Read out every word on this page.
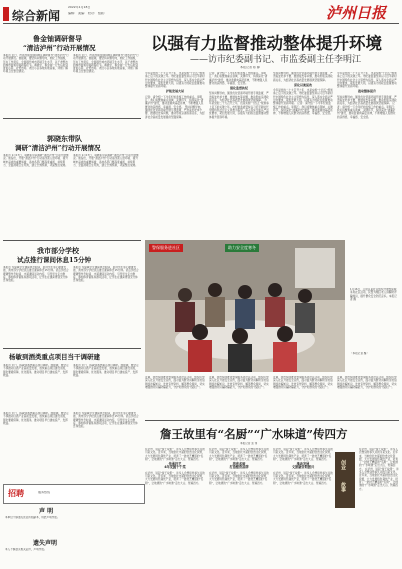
综合新闻
2022年1月18日
编辑： 美编： 校对： 组版：	泸州日报
鲁金铀调研督导
“清洁泸州”行动开展情况
本报讯 近日，市领导鲁金铀到城区调研督导“清洁泸州”行动开展情况。他强调，要坚持问题导向，细化工作措施，压实工作责任，全面提升城市环境卫生水平，以干净整洁的城市面貌迎接新春佳节。调研中，鲁金铀一行先后来到背街小巷、农贸市场、老旧小区等地实地查看，详细了解环境卫生整治情况。
本报讯 近日，市领导鲁金铀到城区调研督导“清洁泸州”行动开展情况。他强调，要坚持问题导向，细化工作措施，压实工作责任，全面提升城市环境卫生水平，以干净整洁的城市面貌迎接新春佳节。调研中，鲁金铀一行先后来到背街小巷、农贸市场、老旧小区等地实地查看，详细了解环境卫生整治情况。
郭晓东带队
调研“清洁泸州”行动开展情况
本报讯 1月17日，郭晓东带队调研“清洁泸州”行动开展情况。他指出，开展“清洁泸州”行动是改善人居环境、提升城市品质的重要举措，各地各部门要高度重视，持续用力，全面清理卫生死角，建立长效机制，巩固整治成效。
本报讯 1月17日，郭晓东带队调研“清洁泸州”行动开展情况。他指出，开展“清洁泸州”行动是改善人居环境、提升城市品质的重要举措，各地各部门要高度重视，持续用力，全面清理卫生死角，建立长效机制，巩固整治成效。
我市部分学校
试点推行课间休息15分钟
本报讯 为保障学生课间休息时间，促进学生身心健康发展，我市部分学校试点推行课间休息15分钟。试点学校合理调整作息时间，丰富课间活动内容，引导学生走出教室，参加体育锻炼和游戏活动，让学生在课间得到充分休息和放松。
本报讯 为保障学生课间休息时间，促进学生身心健康发展，我市部分学校试点推行课间休息15分钟。试点学校合理调整作息时间，丰富课间活动内容，引导学生走出教室，参加体育锻炼和游戏活动，让学生在课间得到充分休息和放松。
杨敏到酒类重点项目当干调研建
本报讯 近日，杨敏到酒类重点项目调研。他强调，要坚定不移推动白酒产业高质量发展，加快重点项目建设进度，强化要素保障，优化服务，推动项目早日建成投产、发挥效益。
本报讯 近日，杨敏到酒类重点项目调研。他强调，要坚定不移推动白酒产业高质量发展，加快重点项目建设进度，强化要素保障，优化服务，推动项目早日建成投产、发挥效益。
以强有力监督推动整体提升环境
——访市纪委副书记、市监委副主任李明江
本报记者 陈 静
今年是党的二十大召开之年，也是实施“十四五”规划承上启下的关键之年。市纪委监委坚持以习近平新时代中国特色社会主义思想为指导，深入落实全面从严治党要求，紧扣发展大局，以强有力的政治监督推动整体提升营商环境。

护航发展大局
记者：请介绍一下今年纪检监察工作的重点。李明江：我们将聚焦重点领域、关键环节，持续深化“清廉泸州”建设，推动监督向基层延伸，不断增强人民群众的获得感、幸福感、安全感。 坚持问题导向，围绕优化营商环境开展专项监督，严肃查处吃拿卡要、推诿扯皮等问题，推动形成亲清政商关系，为经济社会高质量发展提供坚强保障。
记者：请介绍一下今年纪检监察工作的重点。李明江：我们将聚焦重点领域、关键环节，持续深化“清廉泸州”建设，推动监督向基层延伸，不断增强人民群众的获得感、幸福感、安全感。

强化监督执纪
坚持问题导向，围绕优化营商环境开展专项监督，严肃查处吃拿卡要、推诿扯皮等问题，推动形成亲清政商关系，为经济社会高质量发展提供坚强保障。 今年是党的二十大召开之年，也是实施“十四五”规划承上启下的关键之年。市纪委监委坚持以习近平新时代中国特色社会主义思想为指导，深入落实全面从严治党要求，紧扣发展大局，以强有力的政治监督推动整体提升营商环境。
坚持问题导向，围绕优化营商环境开展专项监督，严肃查处吃拿卡要、推诿扯皮等问题，推动形成亲清政商关系，为经济社会高质量发展提供坚强保障。

深化以案促改
今年是党的二十大召开之年，也是实施“十四五”规划承上启下的关键之年。市纪委监委坚持以习近平新时代中国特色社会主义思想为指导，深入落实全面从严治党要求，紧扣发展大局，以强有力的政治监督推动整体提升营商环境。 记者：请介绍一下今年纪检监察工作的重点。李明江：我们将聚焦重点领域、关键环节，持续深化“清廉泸州”建设，推动监督向基层延伸，不断增强人民群众的获得感、幸福感、安全感。
今年是党的二十大召开之年，也是实施“十四五”规划承上启下的关键之年。市纪委监委坚持以习近平新时代中国特色社会主义思想为指导，深入落实全面从严治党要求，紧扣发展大局，以强有力的政治监督推动整体提升营商环境。

推动整体提升
坚持问题导向，围绕优化营商环境开展专项监督，严肃查处吃拿卡要、推诿扯皮等问题，推动形成亲清政商关系，为经济社会高质量发展提供坚强保障。 记者：请介绍一下今年纪检监察工作的重点。李明江：我们将聚焦重点领域、关键环节，持续深化“清廉泸州”建设，推动监督向基层延伸，不断增强人民群众的获得感、幸福感、安全感。
警保服务进社区	助力安全度寒冬
1月16日，江阳区某社区组织开展警保服务进社区活动，民警为辖区老人讲解防诈骗知识，提升群众安全防范意识。本报记者 摄
（本报记者 摄）
近期，我市持续推进警保服务进社区活动，组织民警深入社区开展安全宣传，面对面为群众讲解防范电信网络诈骗知识，发放宣传资料，解答群众疑问，切实增强群众识骗防骗能力，守护好群众的“钱袋子”。
近期，我市持续推进警保服务进社区活动，组织民警深入社区开展安全宣传，面对面为群众讲解防范电信网络诈骗知识，发放宣传资料，解答群众疑问，切实增强群众识骗防骗能力，守护好群众的“钱袋子”。
近期，我市持续推进警保服务进社区活动，组织民警深入社区开展安全宣传，面对面为群众讲解防范电信网络诈骗知识，发放宣传资料，解答群众疑问，切实增强群众识骗防骗能力，守护好群众的“钱袋子”。
近期，我市持续推进警保服务进社区活动，组织民警深入社区开展安全宣传，面对面为群众讲解防范电信网络诈骗知识，发放宣传资料，解答群众疑问，切实增强群众识骗防骗能力，守护好群众的“钱袋子”。
本报讯 近日，杨敏到酒类重点项目调研。他强调，要坚定不移推动白酒产业高质量发展，加快重点项目建设进度，强化要素保障，优化服务，推动项目早日建成投产、发挥效益。
本报讯 为保障学生课间休息时间，促进学生身心健康发展，我市部分学校试点推行课间休息15分钟。试点学校合理调整作息时间，丰富课间活动内容，引导学生走出教室，参加体育锻炼和游戏活动，让学生在课间得到充分休息和放松。
招聘	服务热线
声 明
本单位不慎遗失营业执照副本，特此声明作废。
遗失声明
本人不慎遗失相关证件，声明作废。
詹王故里有“名厨”“广水味道”传四方
本报记者 张 伟
在泸州，说起“詹王故里”，许多人会想到传承久远的川菜文化。近年来，当地依托丰富的饮食文化资源，大力发展特色餐饮产业，培育了一批技艺精湛的“名厨”，让地道的“广水味道”走出大山、传遍四方。
传承技艺
4年发掘十个菜
在泸州，说起“詹王故里”，许多人会想到传承久远的川菜文化。近年来，当地依托丰富的饮食文化资源，大力发展特色餐饮产业，培育了一批技艺精湛的“名厨”，让地道的“广水味道”走出大山、传遍四方。
在泸州，说起“詹王故里”，许多人会想到传承久远的川菜文化。近年来，当地依托丰富的饮食文化资源，大力发展特色餐饮产业，培育了一批技艺精湛的“名厨”，让地道的“广水味道”走出大山、传遍四方。
培育名厨
打造餐饮品牌
在泸州，说起“詹王故里”，许多人会想到传承久远的川菜文化。近年来，当地依托丰富的饮食文化资源，大力发展特色餐饮产业，培育了一批技艺精湛的“名厨”，让地道的“广水味道”走出大山、传遍四方。
在泸州，说起“詹王故里”，许多人会想到传承久远的川菜文化。近年来，当地依托丰富的饮食文化资源，大力发展特色餐饮产业，培育了一批技艺精湛的“名厨”，让地道的“广水味道”走出大山、传遍四方。
推动发展
文旅融合助振兴
在泸州，说起“詹王故里”，许多人会想到传承久远的川菜文化。近年来，当地依托丰富的饮食文化资源，大力发展特色餐饮产业，培育了一批技艺精湛的“名厨”，让地道的“广水味道”走出大山、传遍四方。
创业
故事
在泸州，说起“詹王故里”，许多人会想到传承久远的川菜文化。近年来，当地依托丰富的饮食文化资源，大力发展特色餐饮产业，培育了一批技艺精湛的“名厨”，让地道的“广水味道”走出大山、传遍四方。 在泸州，说起“詹王故里”，许多人会想到传承久远的川菜文化。近年来，当地依托丰富的饮食文化资源，大力发展特色餐饮产业，培育了一批技艺精湛的“名厨”，让地道的“广水味道”走出大山、传遍四方。
